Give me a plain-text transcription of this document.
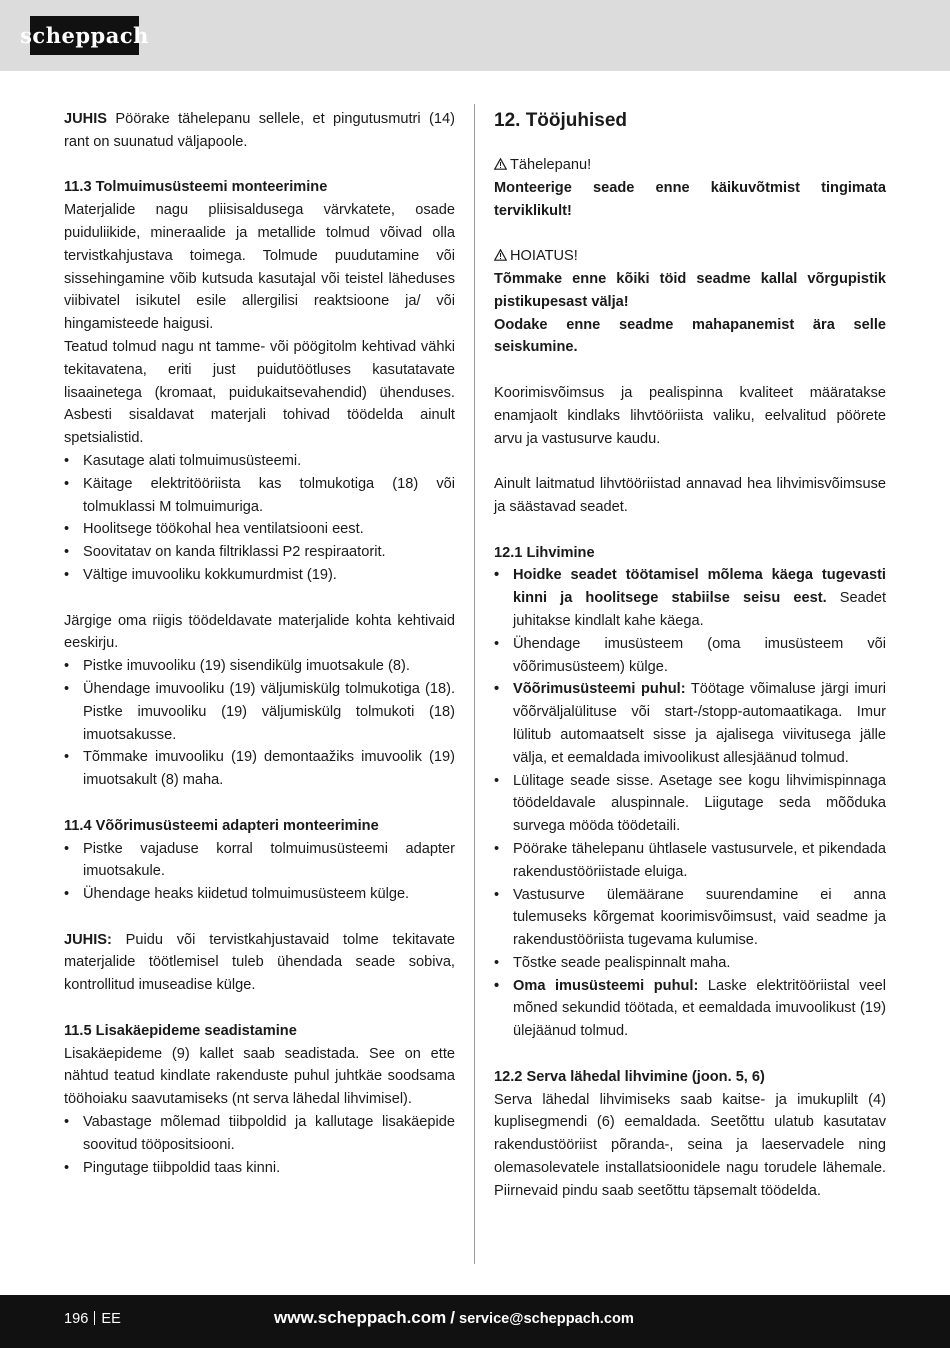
scheppach

JUHIS Pöörake tähelepanu sellele, et pingutusmutri (14) rant on suunatud väljapoole.

11.3 Tolmuimusüsteemi monteerimine

Materjalide nagu pliisisaldusega värvkatete, osade puiduliikide, mineraalide ja metallide tolmud võivad olla tervistkahjustava toimega. Tolmude puudutamine või sissehingamine võib kutsuda kasutajal või teistel läheduses viibivatel isikutel esile allergilisi reaktsioone ja/ või hingamisteede haigusi.

Teatud tolmud nagu nt tamme- või pöögitolm kehtivad vähki tekitavatena, eriti just puidutöötluses kasutatavate lisaainetega (kromaat, puidukaitsevahendid) ühenduses. Asbesti sisaldavat materjali tohivad töödelda ainult spetsialistid.

• Kasutage alati tolmuimusüsteemi.
• Käitage elektritööriista kas tolmukotiga (18) või tolmuklassi M tolmuimuriga.
• Hoolitsege töökohal hea ventilatsiooni eest.
• Soovitatav on kanda filtriklassi P2 respiraatorit.
• Vältige imuvooliku kokkumurdmist (19).

Järgige oma riigis töödeldavate materjalide kohta kehtivaid eeskirju.

• Pistke imuvooliku (19) sisendikülg imuotsakule (8).
• Ühendage imuvooliku (19) väljumiskülg tolmukotiga (18). Pistke imuvooliku (19) väljumiskülg tolmukoti (18) imuotsakusse.
• Tõmmake imuvooliku (19) demontaažiks imuvoolik (19) imuotsakult (8) maha.

11.4 Võõrimusüsteemi adapteri monteerimine

• Pistke vajaduse korral tolmuimusüsteemi adapter imuotsakule.
• Ühendage heaks kiidetud tolmuimusüsteem külge.

JUHIS: Puidu või tervistkahjustavaid tolme tekitavate materjalide töötlemisel tuleb ühendada seade sobiva, kontrollitud imuseadise külge.

11.5 Lisakäepideme seadistamine

Lisakäepideme (9) kallet saab seadistada. See on ette nähtud teatud kindlate rakenduste puhul juhtkäe soodsama tööhoiaku saavutamiseks (nt serva lähedal lihvimisel).

• Vabastage mõlemad tiibpoldid ja kallutage lisakäepide soovitud tööpositsiooni.
• Pingutage tiibpoldid taas kinni.
12. Tööjuhised

Tähelepanu!

Monteerige seade enne käikuvõtmist tingimata terviklikult!

HOIATUS!

Tõmmake enne kõiki töid seadme kallal võrgupistik pistikupesast välja!

Oodake enne seadme mahapanemist ära selle seiskumine.

Koorimisvõimsus ja pealispinna kvaliteet määratakse enamjaolt kindlaks lihvtööriista valiku, eelvalitud pöörete arvu ja vastusurve kaudu.

Ainult laitmatud lihvtööriistad annavad hea lihvimisvõimsuse ja säästavad seadet.

12.1 Lihvimine

• Hoidke seadet töötamisel mõlema käega tugevasti kinni ja hoolitsege stabiilse seisu eest. Seadet juhitakse kindlalt kahe käega.
• Ühendage imusüsteem (oma imusüsteem või võõrimusüsteem) külge.
• Võõrimusüsteemi puhul: Töötage võimaluse järgi imuri võõrväljalülituse või start-/stopp-automaatikaga. Imur lülitub automaatselt sisse ja ajalisega viivitusega jälle välja, et eemaldada imivoolikust allesjäänud tolmud.
• Lülitage seade sisse. Asetage see kogu lihvimispinnaga töödeldavale aluspinnale. Liigutage seda mõõduka survega mööda töödetaili.
• Pöörake tähelepanu ühtlasele vastusurvele, et pikendada rakendustööriistade eluiga.
• Vastusurve ülemäärane suurendamine ei anna tulemuseks kõrgemat koorimisvõimsust, vaid seadme ja rakendustööriista tugevama kulumise.
• Tõstke seade pealispinnalt maha.
• Oma imusüsteemi puhul: Laske elektritööriistal veel mõned sekundid töötada, et eemaldada imuvoolikust (19) ülejäänud tolmud.

12.2 Serva lähedal lihvimine (joon. 5, 6)

Serva lähedal lihvimiseks saab kaitse- ja imukuplilt (4) kuplisegmendi (6) eemaldada. Seetõttu ulatub kasutatav rakendustööriist põranda-, seina ja laeservadele ning olemasolevatele installatsioonidele nagu torudele lähemale. Piirnevaid pindu saab seetõttu täpsemalt töödelda.

196 EE	www.scheppach.com / service@scheppach.com
